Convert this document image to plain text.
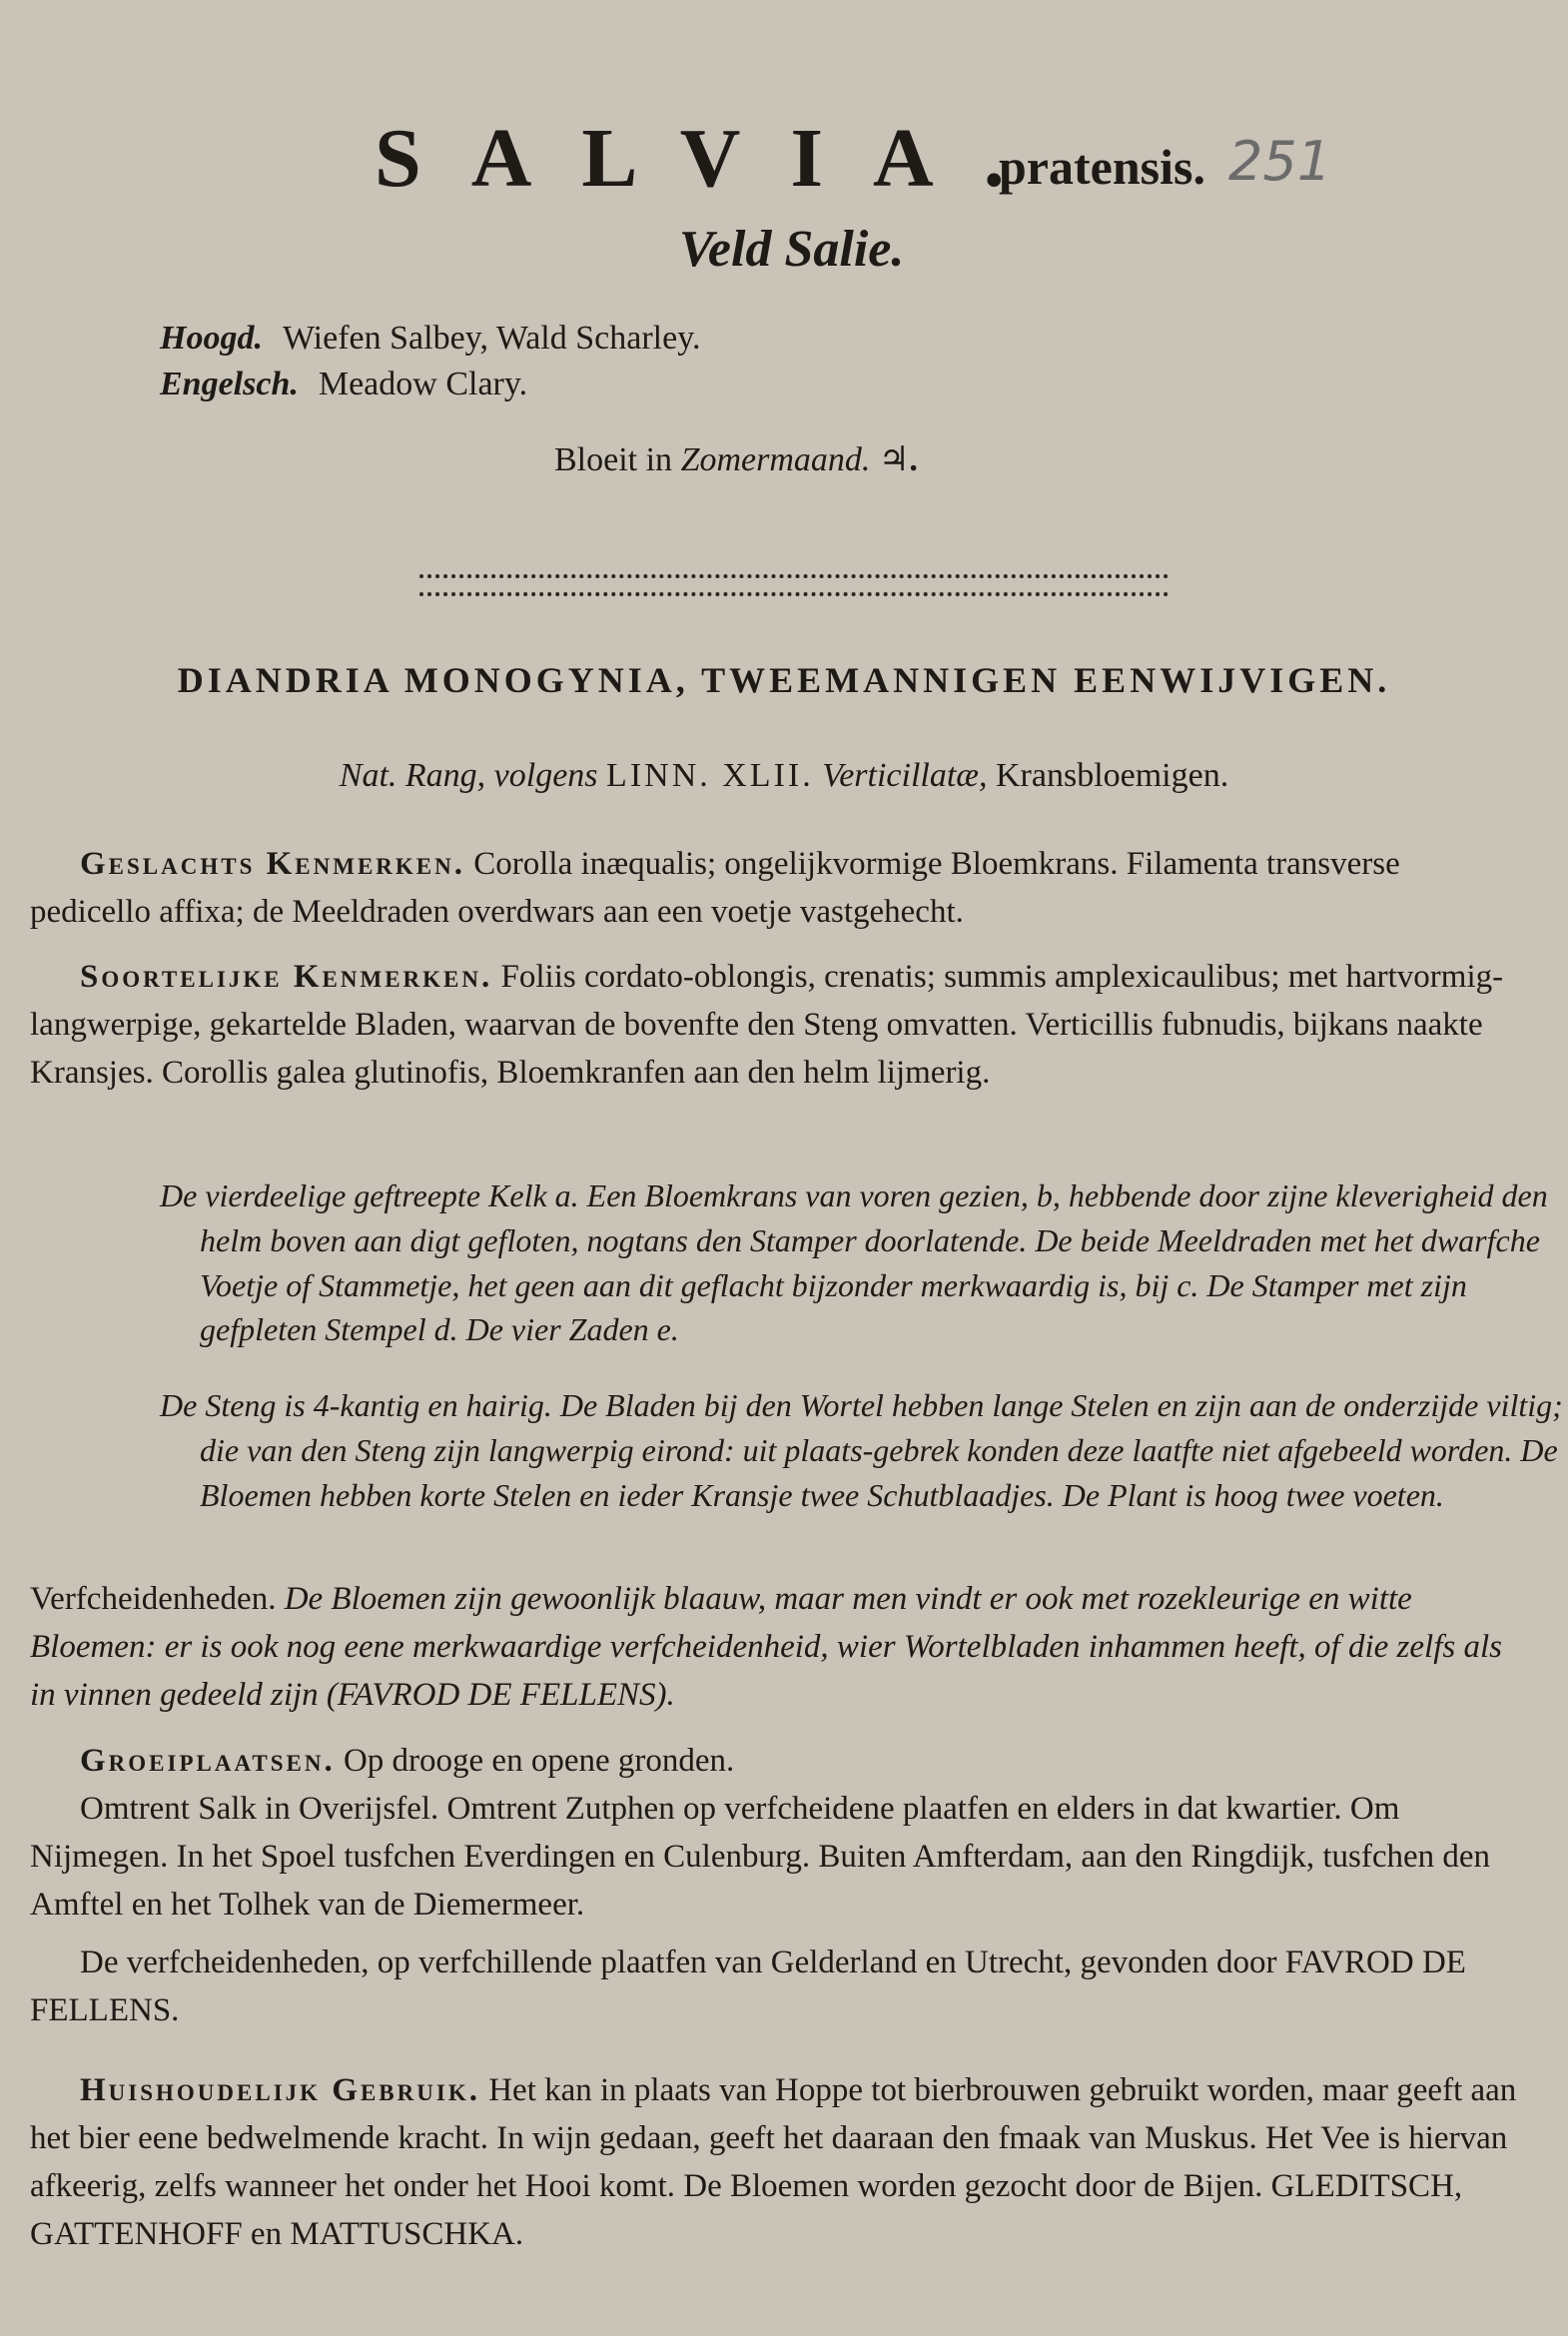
SALVIA.
pratensis. 251
Veld Salie.
Hoogd. Wiefen Salbey, Wald Scharley.
Engelsch. Meadow Clary.
Bloeit in Zomermaand. ♃.
DIANDRIA MONOGYNIA, TWEEMANNIGEN EENWIJVIGEN.
Nat. Rang, volgens LINN. XLII. Verticillatæ, Kransbloemigen.
Geslachts Kenmerken. Corolla inæqualis; ongelijkvormige Bloemkrans. Filamenta transverse pedicello affixa; de Meeldraden overdwars aan een voetje vastgehecht.
Soortelijke Kenmerken. Foliis cordato-oblongis, crenatis; summis amplexicaulibus; met hartvormig-langwerpige, gekartelde Bladen, waarvan de bovenfte den Steng omvatten. Verticillis fubnudis, bijkans naakte Kransjes. Corollis galea glutinofis, Bloemkranfen aan den helm lijmerig.
De vierdeelige geftreepte Kelk a. Een Bloemkrans van voren gezien, b, hebbende door zijne kleverigheid den helm boven aan digt gefloten, nogtans den Stamper doorlatende. De beide Meeldraden met het dwarfche Voetje of Stammetje, het geen aan dit geflacht bijzonder merkwaardig is, bij c. De Stamper met zijn gefpleten Stempel d. De vier Zaden e.
De Steng is 4-kantig en hairig. De Bladen bij den Wortel hebben lange Stelen en zijn aan de onderzijde viltig; die van den Steng zijn langwerpig eirond: uit plaats-gebrek konden deze laatfte niet afgebeeld worden. De Bloemen hebben korte Stelen en ieder Kransje twee Schutblaadjes. De Plant is hoog twee voeten.
Verfcheidenheden. De Bloemen zijn gewoonlijk blaauw, maar men vindt er ook met rozekleurige en witte Bloemen: er is ook nog eene merkwaardige verfcheidenheid, wier Wortelbladen inhammen heeft, of die zelfs als in vinnen gedeeld zijn (FAVROD DE FELLENS).
Groeiplaatsen. Op drooge en opene gronden.
Omtrent Salk in Overijsfel. Omtrent Zutphen op verfcheidene plaatfen en elders in dat kwartier. Om Nijmegen. In het Spoel tusfchen Everdingen en Culenburg. Buiten Amfterdam, aan den Ringdijk, tusfchen den Amftel en het Tolhek van de Diemermeer.
De verfcheidenheden, op verfchillende plaatfen van Gelderland en Utrecht, gevonden door FAVROD DE FELLENS.
Huishoudelijk Gebruik. Het kan in plaats van Hoppe tot bierbrouwen gebruikt worden, maar geeft aan het bier eene bedwelmende kracht. In wijn gedaan, geeft het daaraan den fmaak van Muskus. Het Vee is hiervan afkeerig, zelfs wanneer het onder het Hooi komt. De Bloemen worden gezocht door de Bijen. GLEDITSCH, GATTENHOFF en MATTUSCHKA.
